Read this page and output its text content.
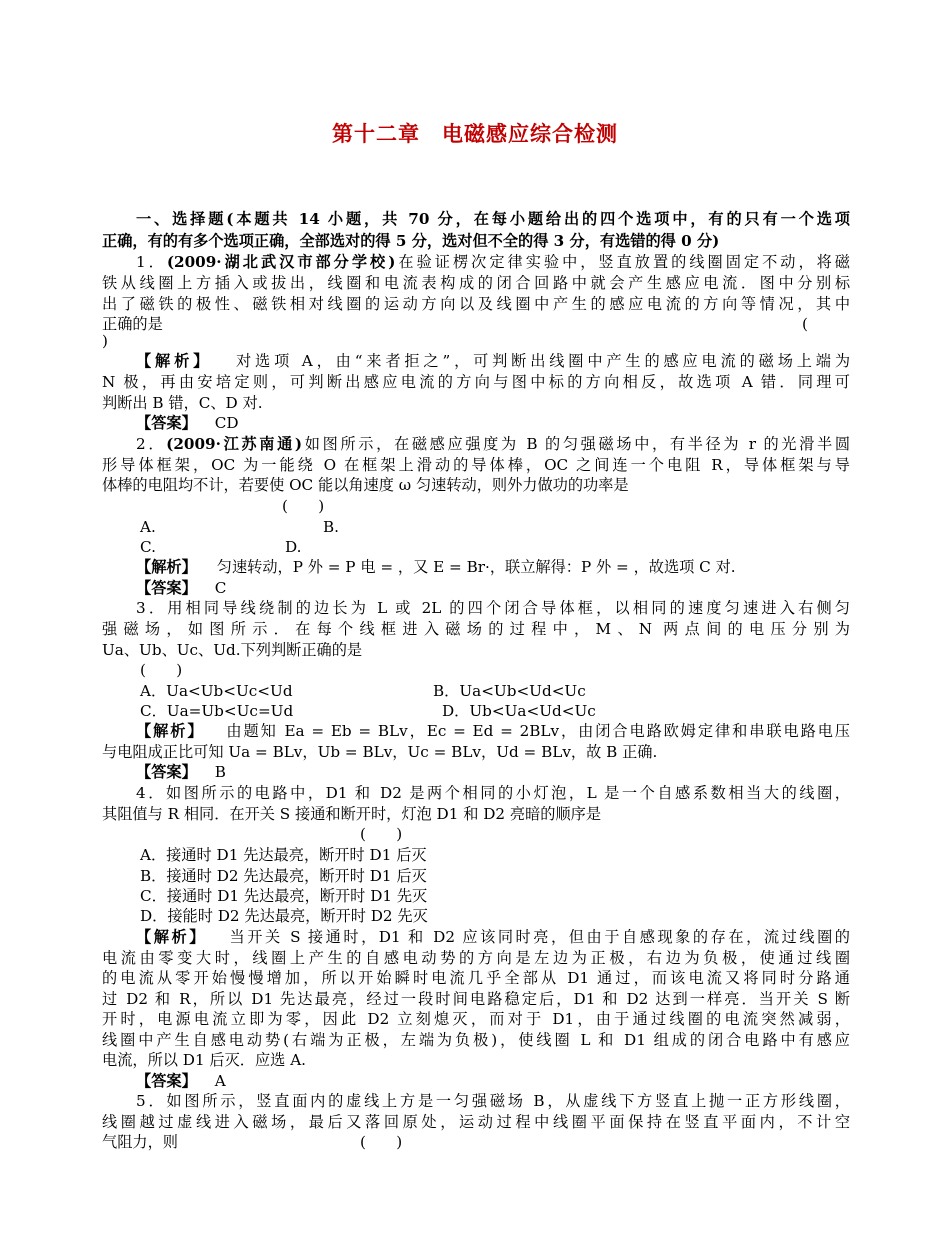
第十二章　电磁感应综合检测
一、选择题(本题共 14 小题，共 70 分，在每小题给出的四个选项中，有的只有一个选项
正确，有的有多个选项正确，全部选对的得 5 分，选对但不全的得 3 分，有选错的得 0 分)
1．(2009·湖北武汉市部分学校)在验证楞次定律实验中，竖直放置的线圈固定不动，将磁
铁从线圈上方插入或拔出，线圈和电流表构成的闭合回路中就会产生感应电流．图中分别标
出了磁铁的极性、磁铁相对线圈的运动方向以及线圈中产生的感应电流的方向等情况，其中
正确的是	(
)
【解析】 对选项 A，由“来者拒之”，可判断出线圈中产生的感应电流的磁场上端为
N 极，再由安培定则，可判断出感应电流的方向与图中标的方向相反，故选项 A 错．同理可
判断出 B 错，C、D 对.
【答案】 CD
2．(2009·江苏南通)如图所示，在磁感应强度为 B 的匀强磁场中，有半径为 r 的光滑半圆
形导体框架，OC 为一能绕 O 在框架上滑动的导体棒，OC 之间连一个电阻 R，导体框架与导
体棒的电阻均不计，若要使 OC 能以角速度 ω 匀速转动，则外力做功的功率是
(　　)
A.	B.
C.	D.
【解析】 匀速转动，P 外 = P 电 = ，又 E = Br·，联立解得：P 外 = ，故选项 C 对.
【答案】 C
3．用相同导线绕制的边长为 L 或 2L 的四个闭合导体框，以相同的速度匀速进入右侧匀
强磁场，如图所示．在每个线框进入磁场的过程中，M、N 两点间的电压分别为
Ua、Ub、Uc、Ud.下列判断正确的是
(　　)
A．Ua<Ub<Uc<Ud	B．Ua<Ub<Ud<Uc
C．Ua=Ub<Uc=Ud	D．Ub<Ua<Ud<Uc
【解析】 由题知 Ea = Eb = BLv，Ec = Ed = 2BLv，由闭合电路欧姆定律和串联电路电压
与电阻成正比可知 Ua = BLv，Ub = BLv，Uc = BLv，Ud = BLv，故 B 正确.
【答案】 B
4．如图所示的电路中，D1 和 D2 是两个相同的小灯泡，L 是一个自感系数相当大的线圈，
其阻值与 R 相同．在开关 S 接通和断开时，灯泡 D1 和 D2 亮暗的顺序是
(　　)
A．接通时 D1 先达最亮，断开时 D1 后灭
B．接通时 D2 先达最亮，断开时 D1 后灭
C．接通时 D1 先达最亮，断开时 D1 先灭
D．接能时 D2 先达最亮，断开时 D2 先灭
【解析】 当开关 S 接通时，D1 和 D2 应该同时亮，但由于自感现象的存在，流过线圈的
电流由零变大时，线圈上产生的自感电动势的方向是左边为正极，右边为负极，使通过线圈
的电流从零开始慢慢增加，所以开始瞬时电流几乎全部从 D1 通过，而该电流又将同时分路通
过 D2 和 R，所以 D1 先达最亮，经过一段时间电路稳定后，D1 和 D2 达到一样亮．当开关 S 断
开时，电源电流立即为零，因此 D2 立刻熄灭，而对于 D1，由于通过线圈的电流突然减弱，
线圈中产生自感电动势(右端为正极，左端为负极)，使线圈 L 和 D1 组成的闭合电路中有感应
电流，所以 D1 后灭．应选 A.
【答案】 A
5．如图所示，竖直面内的虚线上方是一匀强磁场 B，从虚线下方竖直上抛一正方形线圈，
线圈越过虚线进入磁场，最后又落回原处，运动过程中线圈平面保持在竖直平面内，不计空
气阻力，则	(　　)
